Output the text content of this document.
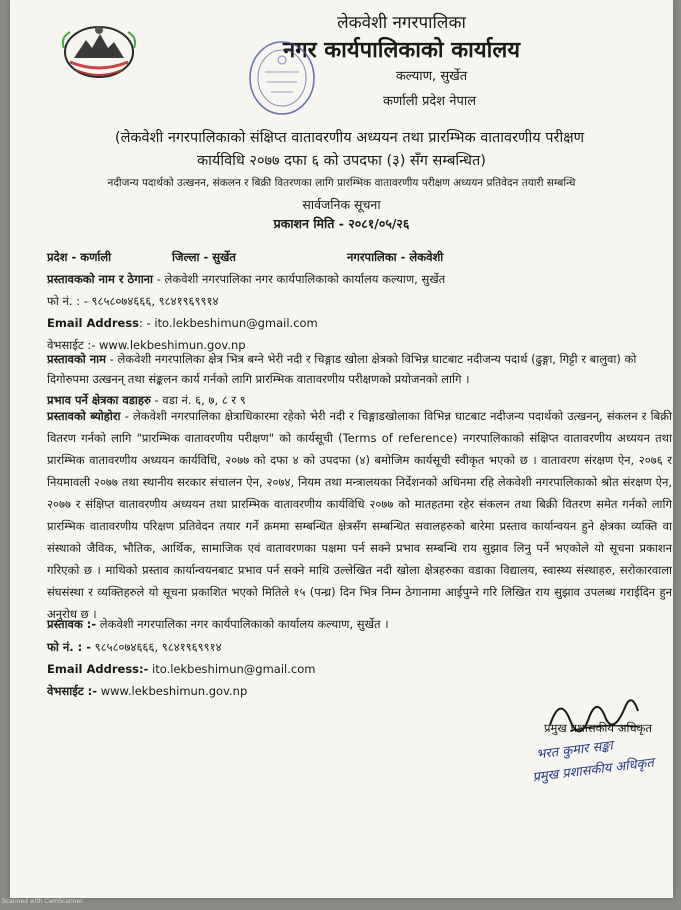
लेकवेशी नगरपालिका
नगर कार्यपालिकाको कार्यालय
कल्याण, सुर्खेत
कर्णाली प्रदेश नेपाल
(लेकवेशी नगरपालिकाको संक्षिप्त वातावरणीय अध्ययन तथा प्रारम्भिक वातावरणीय परीक्षण
कार्यविधि २०७७ दफा ६ को उपदफा (३) सँग सम्बन्धित)
नदीजन्य पदार्थको उत्खनन, संकलन र बिक्री वितरणका लागि प्रारम्भिक वातावरणीय परीक्षण अध्ययन प्रतिवेदन तयारी सम्बन्धि
सार्वजनिक सूचना
प्रकाशन मिति - २०८१/०५/२६
प्रदेश - कर्णाली	जिल्ला - सुर्खेत	नगरपालिका - लेकवेशी
प्रस्तावकको नाम र ठेगाना - लेकवेशी नगरपालिका नगर कार्यपालिकाको कार्यालय कल्याण, सुर्खेत
फो नं. : - ९८५८०७४६६६, ९८४१९६९९१४
Email Address: - ito.lekbeshimun@gmail.com
वेभसाईट :- www.lekbeshimun.gov.np
प्रस्तावको नाम - लेकवेशी नगरपालिका क्षेत्र भित्र बग्ने भेरी नदी र चिङ्गाड खोला क्षेत्रको विभिन्न घाटबाट नदीजन्य पदार्थ (ढुङ्गा, गिट्टी र बालुवा) को दिगोरुपमा उत्खनन् तथा संङ्कलन कार्य गर्नको लागि प्रारम्भिक वातावरणीय परीक्षणको प्रयोजनको लागि ।
प्रभाव पर्ने क्षेत्रका वडाहरु - वडा नं. ६, ७, ८ र ९
प्रस्तावको ब्योहोरा - लेकवेशी नगरपालिका क्षेत्राधिकारमा रहेको भेरी नदी र चिङ्गाडखोलाका विभिन्न घाटबाट नदीजन्य पदार्थको उत्खनन्, संकलन र बिक्री वितरण गर्नको लागि "प्रारम्भिक वातावरणीय परीक्षण" को कार्यसूची (Terms of reference) नगरपालिकाको संक्षिप्त वातावरणीय अध्ययन तथा प्रारम्भिक वातावरणीय अध्ययन कार्यविधि, २०७७ को दफा ४ को उपदफा (४) बमोजिम कार्यसूची स्वीकृत भएको छ । वातावरण संरक्षण ऐन, २०७६ र नियमावली २०७७ तथा स्थानीय सरकार संचालन ऐन, २०७४, नियम तथा मन्त्रालयका निर्देशनको अधिनमा रहि लेकवेशी नगरपालिकाको श्रोत संरक्षण ऐन, २०७७ र संक्षिप्त वातावरणीय अध्ययन तथा प्रारम्भिक वातावरणीय कार्यविधि २०७७ को मातहतमा रहेर संकलन तथा बिक्री वितरण समेत गर्नको लागि प्रारम्भिक वातावरणीय परिक्षण प्रतिवेदन तयार गर्ने क्रममा सम्बन्धित क्षेत्रसँग सम्बन्धित सवालहरुको बारेमा प्रस्ताव कार्यान्वयन हुने क्षेत्रका व्यक्ति वा संस्थाको जैविक, भौतिक, आर्थिक, सामाजिक एवं वातावरणका पक्षमा पर्न सक्ने प्रभाव सम्बन्धि राय सुझाव लिनु पर्ने भएकोले यो सूचना प्रकाशन गरिएको छ । माथिको प्रस्ताव कार्यान्वयनबाट प्रभाव पर्न सक्ने माथि उल्लेखित नदी खोला क्षेत्रहरुका वडाका विद्यालय, स्वास्थ्य संस्थाहरु, सरोकारवाला संघसंस्था र व्यक्तिहरुले यो सूचना प्रकाशित भएको मितिले १५ (पन्ध्र) दिन भित्र निम्न ठेगानामा आईपुग्ने गरि लिखित राय सुझाव उपलब्ध गराईदिन हुन अनुरोध छ ।
प्रस्तावक :- लेकवेशी नगरपालिका नगर कार्यपालिकाको कार्यालय कल्याण, सुर्खेत ।
फो नं. : - ९८५८०७४६६६, ९८४१९६९९१४
Email Address:- ito.lekbeshimun@gmail.com
वेभसाईट :- www.lekbeshimun.gov.np
प्रमुख प्रशासकीय अधिकृत
भरत कुमार सङ्का
प्रमुख प्रशासकीय अधिकृत
Scanned with CamScanner
